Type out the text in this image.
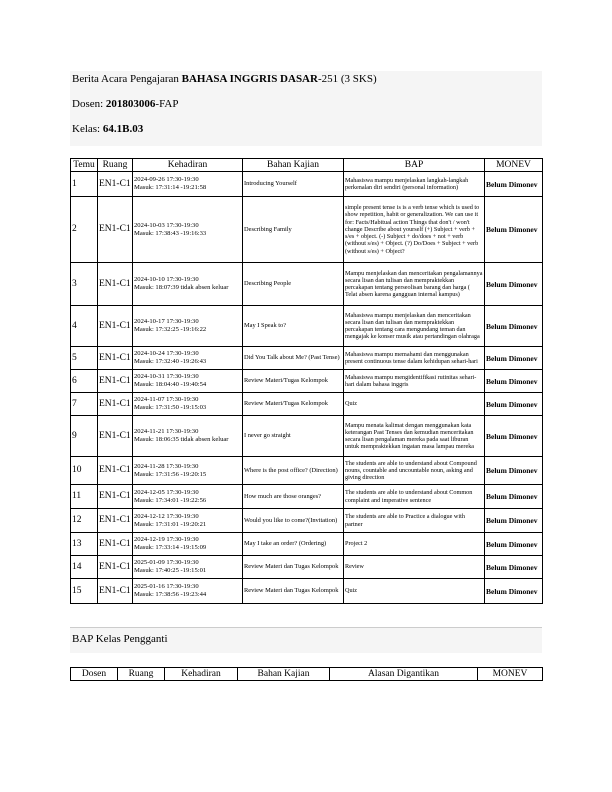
Berita Acara Pengajaran BAHASA INGGRIS DASAR-251 (3 SKS)
Dosen: 201803006-FAP
Kelas: 64.1B.03
Temu	Ruang	Kehadiran	Bahan Kajian	BAP	MONEV
1	EN1-C1	2024-09-26 17:30-19:30
Masuk: 17:31:14 -19:21:58	Introducing Yourself	Mahasiswa mampu menjelaskan langkah-langkah perkenalan diri sendiri (personal information)	Belum Dimonev
2	EN1-C1	2024-10-03 17:30-19:30
Masuk: 17:38:43 -19:16:33	Describing Family	simple present tense is is a verb tense which is used to show repetition, habit or generalization. We can use it for: Facts/Habitual action Things that don't / won't change Describe about yourself (+) Subject + verb + s/es + object. (-) Subject + do/does + not + verb (without s/es) + Object. (?) Do/Does + Subject + verb (without s/es) + Object?	Belum Dimonev
3	EN1-C1	2024-10-10 17:30-19:30
Masuk: 18:07:39 tidak absen keluar	Describing People	Mampu menjelaskan dan menceritakan pengalamannya secara lisan dan tulisan dan mempraktekkan percakapan tentang perseolisan barang dan harga ( Telat absen karena gangguan internal kampus)	Belum Dimonev
4	EN1-C1	2024-10-17 17:30-19:30
Masuk: 17:32:25 -19:16:22	May I Speak to?	Mahasiswa mampu menjelaskan dan menceritakan secara lisan dan tulisan dan mempraktekkan percakapan tentang cara mengundang teman dan mengajak ke konser musik atau pertandingan olahraga	Belum Dimonev
5	EN1-C1	2024-10-24 17:30-19:30
Masuk: 17:32:40 -19:26:43	Did You Talk about Me? (Past Tense)	Mahasiswa mampu memahami dan menggunakan present continuous tense dalam kehidupan sehari-hari	Belum Dimonev
6	EN1-C1	2024-10-31 17:30-19:30
Masuk: 18:04:40 -19:40:54	Review Materi/Tugas Kelompok	Mahasiswa mampu mengidentifikasi rutinitas sehari-hari dalam bahasa inggris	Belum Dimonev
7	EN1-C1	2024-11-07 17:30-19:30
Masuk: 17:31:50 -19:15:03	Review Materi/Tugas Kelompok	Quiz	Belum Dimonev
9	EN1-C1	2024-11-21 17:30-19:30
Masuk: 18:06:35 tidak absen keluar	I never go straight	Mampu menata kalimat dengan menggunakan kata keterangan Past Tenses dan kemudian menceritakan secara lisan pengalaman mereka pada saat liburan untuk mempraktekkan ingatan masa lampau mereka	Belum Dimonev
10	EN1-C1	2024-11-28 17:30-19:30
Masuk: 17:31:56 -19:20:15	Where is the post office? (Direction)	The students are able to understand about Compound nouns, countable and uncountable noun, asking and giving direction	Belum Dimonev
11	EN1-C1	2024-12-05 17:30-19:30
Masuk: 17:34:01 -19:22:56	How much are those oranges?	The students are able to understand about Common complaint and imperative sentence	Belum Dimonev
12	EN1-C1	2024-12-12 17:30-19:30
Masuk: 17:31:01 -19:20:21	Would you like to come?(Invitation)	The students are able to Practice a dialogue with partner	Belum Dimonev
13	EN1-C1	2024-12-19 17:30-19:30
Masuk: 17:33:14 -19:15:09	May I take an order? (Ordering)	Project 2	Belum Dimonev
14	EN1-C1	2025-01-09 17:30-19:30
Masuk: 17:40:25 -19:15:01	Review Materi dan Tugas Kelompok	Review	Belum Dimonev
15	EN1-C1	2025-01-16 17:30-19:30
Masuk: 17:38:56 -19:23:44	Review Materi dan Tugas Kelompok	Quiz	Belum Dimonev
BAP Kelas Pengganti
Dosen	Ruang	Kehadiran	Bahan Kajian	Alasan Digantikan	MONEV
